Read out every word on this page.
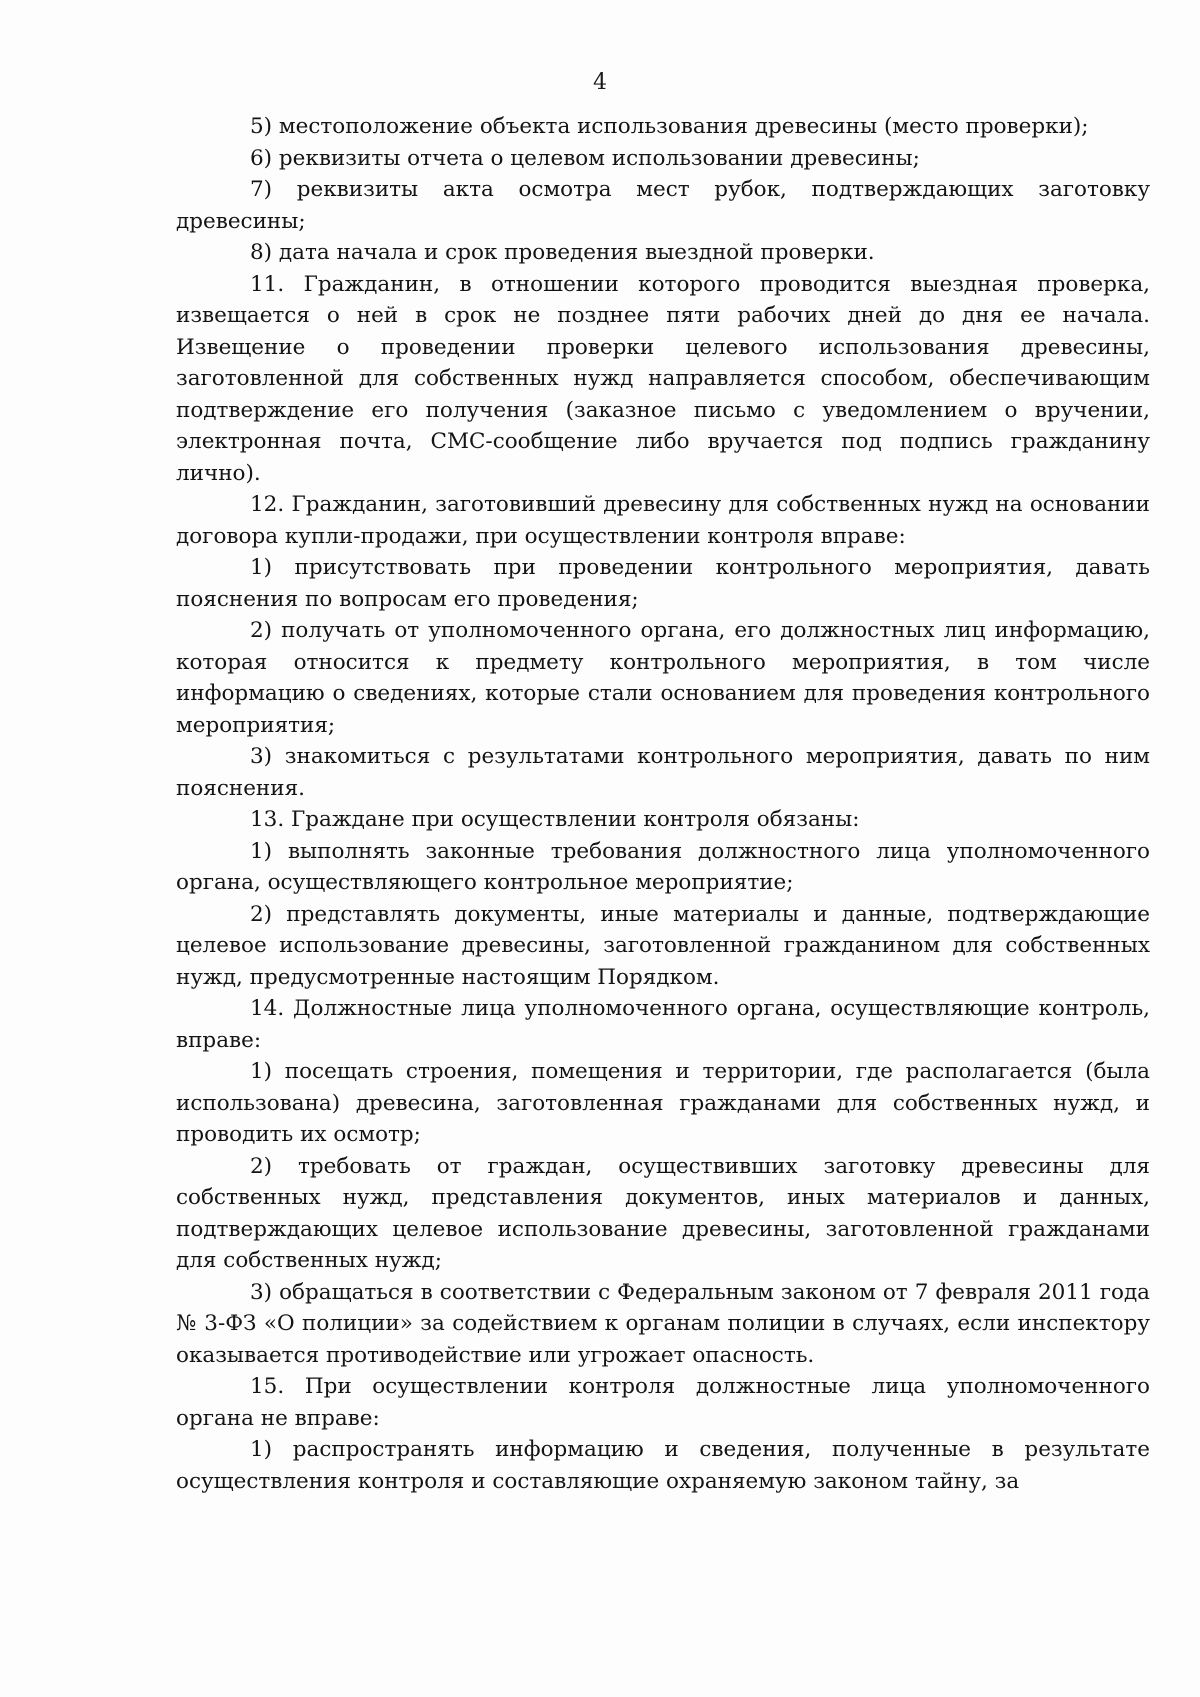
4

5) местоположение объекта использования древесины (место проверки);

6) реквизиты отчета о целевом использовании древесины;

7) реквизиты акта осмотра мест рубок, подтверждающих заготовку древесины;

8) дата начала и срок проведения выездной проверки.

11. Гражданин, в отношении которого проводится выездная проверка, извещается о ней в срок не позднее пяти рабочих дней до дня ее начала. Извещение о проведении проверки целевого использования древесины, заготовленной для собственных нужд направляется способом, обеспечивающим подтверждение его получения (заказное письмо с уведомлением о вручении, электронная почта, СМС-сообщение либо вручается под подпись гражданину лично).

12. Гражданин, заготовивший древесину для собственных нужд на основании договора купли-продажи, при осуществлении контроля вправе:

1) присутствовать при проведении контрольного мероприятия, давать пояснения по вопросам его проведения;

2) получать от уполномоченного органа, его должностных лиц информацию, которая относится к предмету контрольного мероприятия, в том числе информацию о сведениях, которые стали основанием для проведения контрольного мероприятия;

3) знакомиться с результатами контрольного мероприятия, давать по ним пояснения.

13. Граждане при осуществлении контроля обязаны:

1) выполнять законные требования должностного лица уполномоченного органа, осуществляющего контрольное мероприятие;

2) представлять документы, иные материалы и данные, подтверждающие целевое использование древесины, заготовленной гражданином для собственных нужд, предусмотренные настоящим Порядком.

14. Должностные лица уполномоченного органа, осуществляющие контроль, вправе:

1) посещать строения, помещения и территории, где располагается (была использована) древесина, заготовленная гражданами для собственных нужд, и проводить их осмотр;

2) требовать от граждан, осуществивших заготовку древесины для собственных нужд, представления документов, иных материалов и данных, подтверждающих целевое использование древесины, заготовленной гражданами для собственных нужд;

3) обращаться в соответствии с Федеральным законом от 7 февраля 2011 года № 3-ФЗ «О полиции» за содействием к органам полиции в случаях, если инспектору оказывается противодействие или угрожает опасность.

15. При осуществлении контроля должностные лица уполномоченного органа не вправе:

1) распространять информацию и сведения, полученные в результате осуществления контроля и составляющие охраняемую законом тайну, за
